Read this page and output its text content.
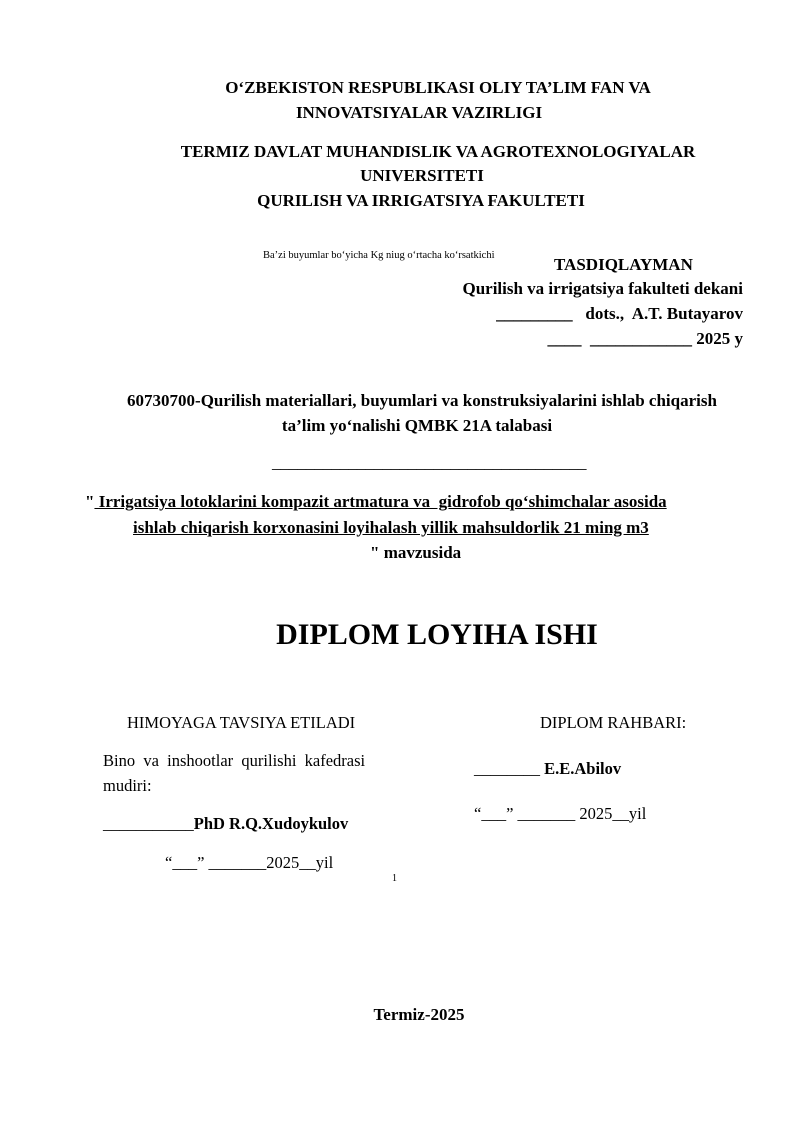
O‘ZBEKISTON RESPUBLIKASI OLIY TA’LIM FAN VA
INNOVATSIYALAR VAZIRLIGI
TERMIZ DAVLAT MUHANDISLIK VA AGROTEXNOLOGIYALAR
UNIVERSITETI
QURILISH VA IRRIGATSIYA FAKULTETI
Ba’zi buyumlar bo‘yicha Kg niug o‘rtacha ko‘rsatkichi	TASDIQLAYMAN
Qurilish va irrigatsiya fakulteti dekani
_________   dots.,  A.T. Butayarov
____  ____________ 2025 y
60730700-Qurilish materiallari, buyumlari va konstruksiyalarini ishlab chiqarish
ta’lim yo‘nalishi QMBK 21A talabasi
_____________________________________
" Irrigatsiya lotoklarini kompazit artmatura va  gidrofob qo‘shimchalar asosida
ishlab chiqarish korxonasini loyihalash yillik mahsuldorlik 21 ming m3
" mavzusida
DIPLOM LOYIHA ISHI
HIMOYAGA TAVSIYA ETILADI
Bino  va  inshootlar  qurilishi  kafedrasi
mudiri:
___________PhD R.Q.Xudoykulov
“___” _______2025__yil
1
DIPLOM RAHBARI:
________ E.E.Abilov
“___” _______ 2025__yil
Termiz-2025
